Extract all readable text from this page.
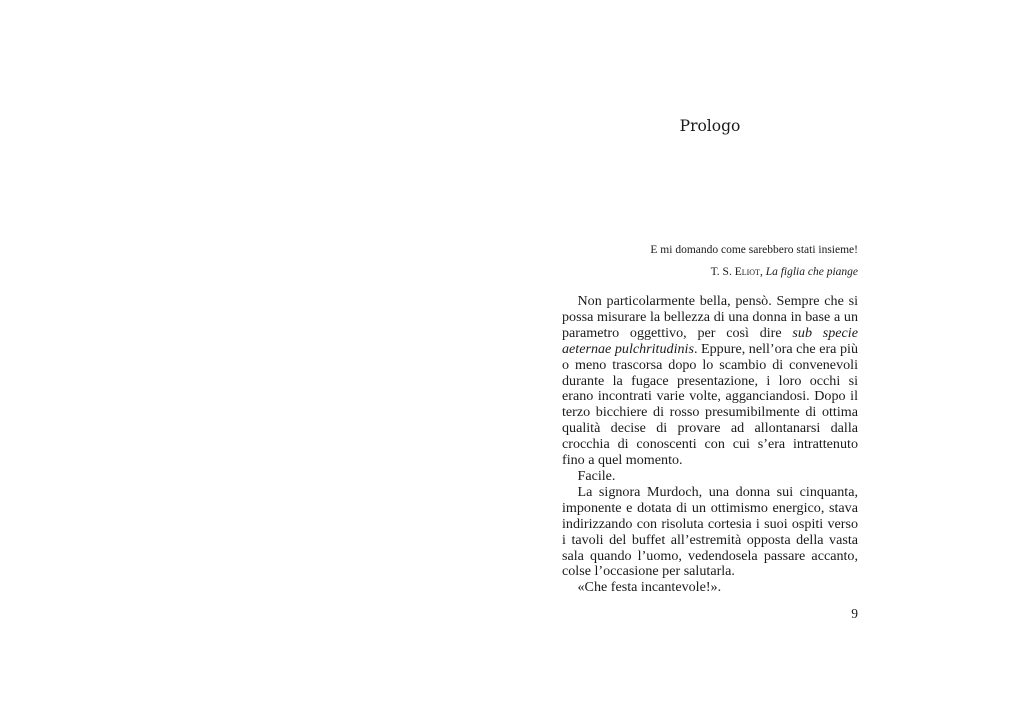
Prologo
E mi domando come sarebbero stati insieme!
T. S. Eliot, La figlia che piange

Non particolarmente bella, pensò. Sempre che si possa misurare la bellezza di una donna in base a un parametro oggettivo, per così dire sub specie aeternae pulchritudinis. Eppure, nell’ora che era più o meno trascorsa dopo lo scambio di convenevoli durante la fugace presentazione, i loro occhi si erano incontrati varie volte, agganciandosi. Dopo il terzo bicchiere di rosso presumibilmente di ottima qualità decise di provare ad allontanarsi dalla crocchia di conoscenti con cui s’era intrattenuto fino a quel momento.

Facile.

La signora Murdoch, una donna sui cinquanta, imponente e dotata di un ottimismo energico, stava indirizzando con risoluta cortesia i suoi ospiti verso i tavoli del buffet all’estremità opposta della vasta sala quando l’uomo, vedendosela passare accanto, colse l’occasione per salutarla.

«Che festa incantevole!».

9
